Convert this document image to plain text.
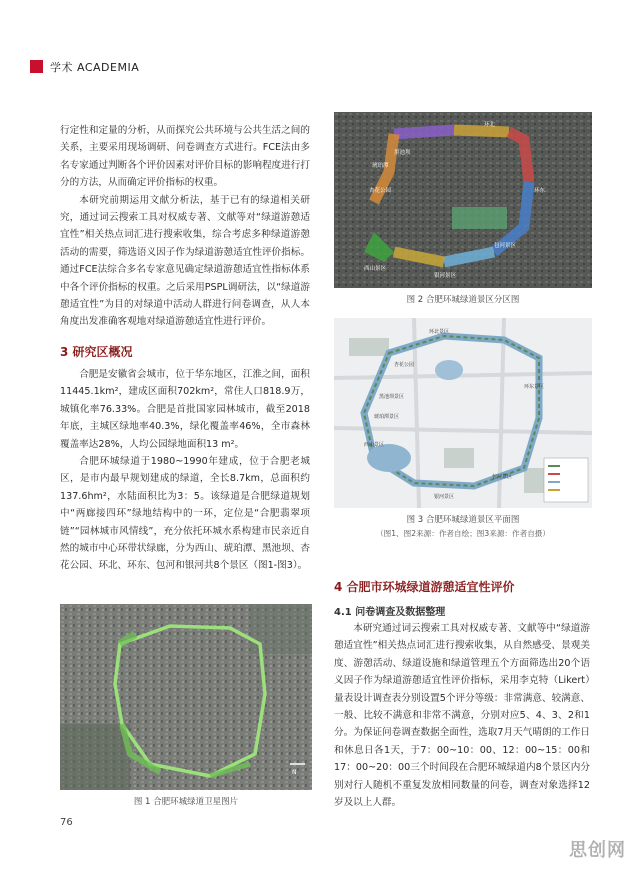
学术 ACADEMIA

行定性和定量的分析，从而探究公共环境与公共生活之间的关系，主要采用现场调研、问卷调查方式进行。FCE法由多名专家通过判断各个评价因素对评价目标的影响程度进行打分的方法，从而确定评价指标的权重。

本研究前期运用文献分析法，基于已有的绿道相关研究，通过词云搜索工具对权威专著、文献等对“绿道游憩适宜性”相关热点词汇进行搜索收集，综合考虑多种绿道游憩活动的需要，筛选语义因子作为绿道游憩适宜性评价指标。通过FCE法综合多名专家意见确定绿道游憩适宜性指标体系中各个评价指标的权重。之后采用PSPL调研法，以“绿道游憩适宜性”为目的对绿道中活动人群进行问卷调查，从人本角度出发准确客观地对绿道游憩适宜性进行评价。

3 研究区概况

合肥是安徽省会城市，位于华东地区，江淮之间，面积11445.1km²，建成区面积702km²，常住人口818.9万，城镇化率76.33%。合肥是首批国家园林城市，截至2018年底，主城区绿地率40.3%，绿化覆盖率46%，全市森林覆盖率达28%，人均公园绿地面积13 m²。

合肥环城绿道于1980~1990年建成，位于合肥老城区，是市内最早规划建成的绿道，全长8.7km，总面积约137.6hm²，水陆面积比为3：5。该绿道是合肥绿道规划中“两廊接四环”绿地结构中的一环，定位是“合肥翡翠项链”“园林城市风情线”，充分依托环城水系构建市民亲近自然的城市中心环带状绿廊，分为西山、琥珀潭、黑池坝、杏花公园、环北、环东、包河和银河共8个景区（图1-图3）。

N
图 1 合肥环城绿道卫星图片
琥珀潭
环北
杏花公园	环东
黑池坝
西山景区
包河景区
银河景区
图 2 合肥环城绿道景区分区图
环北景区
杏花公园
黑池坝景区
琥珀潭景区
西山景区
银河景区
包河景区
环东景区
图 3 合肥环城绿道景区平面图
（图1、图2来源：作者自绘；图3来源：作者自摄）
4 合肥市环城绿道游憩适宜性评价
4.1 问卷调查及数据整理

本研究通过词云搜索工具对权威专著、文献等中“绿道游憩适宜性”相关热点词汇进行搜索收集，从自然感受、景观美度、游憩活动、绿道设施和绿道管理五个方面筛选出20个语义因子作为绿道游憩适宜性评价指标，采用李克特（Likert）量表设计调查表分别设置5个评分等级：非常满意、较满意、一般、比较不满意和非常不满意，分别对应5、4、3、2和1分。为保证问卷调查数据全面性，选取7月天气晴朗的工作日和休息日各1天，于7：00~10：00、12：00~15：00和17：00~20：00三个时间段在合肥环城绿道内8个景区内分别对行人随机不重复发放相同数量的问卷，调查对象选择12岁及以上人群。

76
思创网
